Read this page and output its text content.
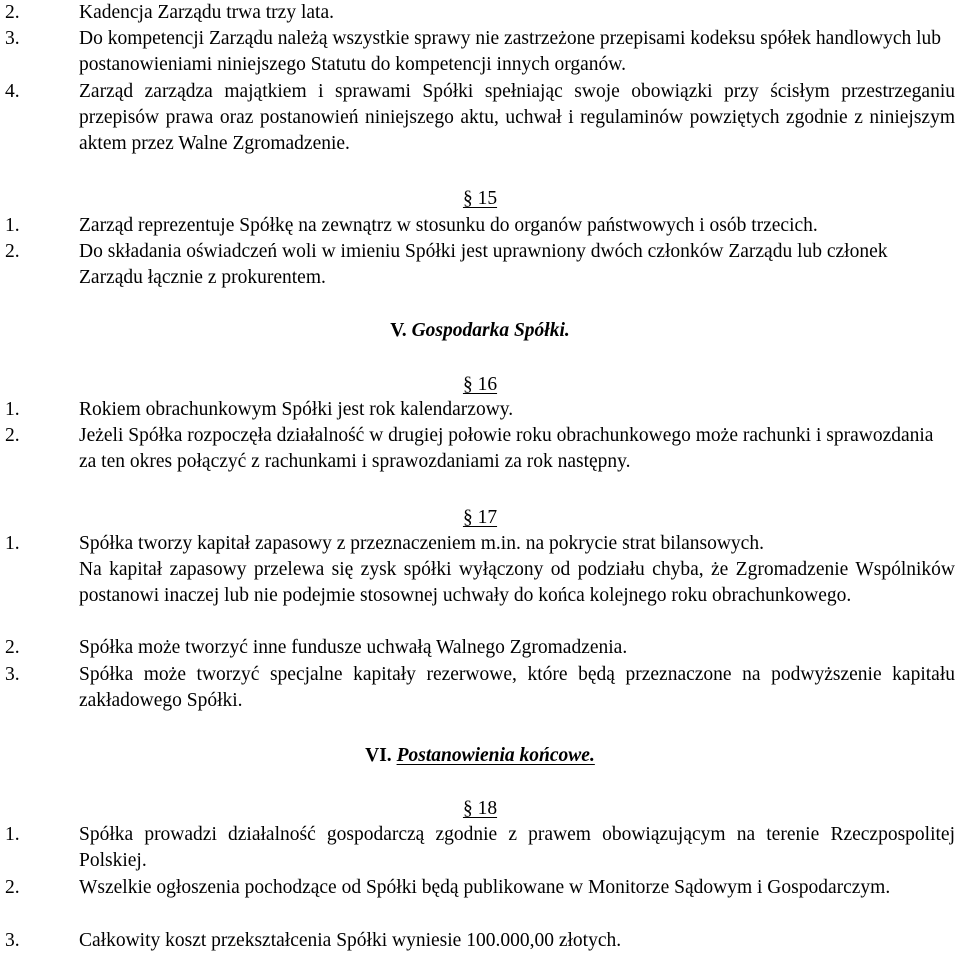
2.	Kadencja Zarządu trwa trzy lata.
3.	Do kompetencji Zarządu należą wszystkie sprawy nie zastrzeżone przepisami kodeksu spółek handlowych lub postanowieniami niniejszego Statutu do kompetencji innych organów.
4.	Zarząd zarządza majątkiem i sprawami Spółki spełniając swoje obowiązki przy ścisłym przestrzeganiu przepisów prawa oraz postanowień niniejszego aktu, uchwał i regulaminów powziętych zgodnie z niniejszym aktem przez Walne Zgromadzenie.
§ 15
1.	Zarząd reprezentuje Spółkę na zewnątrz w stosunku do organów państwowych i osób trzecich.
2.	Do składania oświadczeń woli w imieniu Spółki jest uprawniony dwóch członków Zarządu lub członek Zarządu łącznie z prokurentem.
V. Gospodarka Spółki.
§ 16
1.	Rokiem obrachunkowym Spółki jest rok kalendarzowy.
2.	Jeżeli Spółka rozpoczęła działalność w drugiej połowie roku obrachunkowego może rachunki i sprawozdania za ten okres połączyć z rachunkami i sprawozdaniami za rok następny.
§ 17
1.	Spółka tworzy kapitał zapasowy z przeznaczeniem m.in. na pokrycie strat bilansowych.
Na kapitał zapasowy przelewa się zysk spółki wyłączony od podziału chyba, że Zgromadzenie Wspólników postanowi inaczej lub nie podejmie stosownej uchwały do końca kolejnego roku obrachunkowego.
2.	Spółka może tworzyć inne fundusze uchwałą Walnego Zgromadzenia.
3.	Spółka może tworzyć specjalne kapitały rezerwowe, które będą przeznaczone na podwyższenie kapitału zakładowego Spółki.
VI. Postanowienia końcowe.
§ 18
1.	Spółka prowadzi działalność gospodarczą zgodnie z prawem obowiązującym na terenie Rzeczpospolitej Polskiej.
2.	Wszelkie ogłoszenia pochodzące od Spółki będą publikowane w Monitorze Sądowym i Gospodarczym.
3.	Całkowity koszt przekształcenia Spółki wyniesie 100.000,00 złotych.
